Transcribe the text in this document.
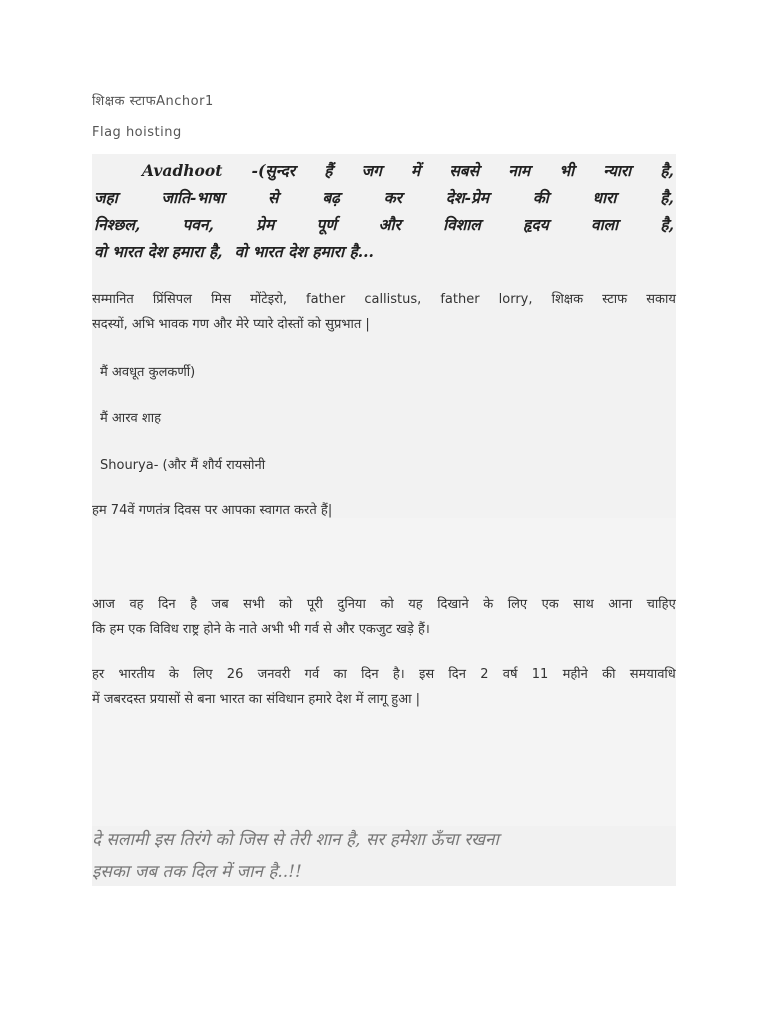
शिक्षक स्टाफAnchor1
Flag hoisting
Avadhoot -(सुन्दर हैं जग में सबसे नाम भी न्यारा है,
जहा	जाति-भाषा	से	बढ़	कर	देश-प्रेम	की	धारा	है,
निश्छल,	पवन,	प्रेम	पूर्ण	और	विशाल	हृदय	वाला	है,
वो भारत देश हमारा है, वो भारत देश हमारा है...
सम्मानित प्रिंसिपल मिस मोंटेइरो, father callistus, father lorry, शिक्षक स्टाफ सकाय
सदस्यों, अभि भावक गण और मेरे प्यारे दोस्तों को सुप्रभात |
मैं अवधूत कुलकर्णी)
मैं आरव शाह
Shourya- (और मैं शौर्य रायसोनी
हम 74वें गणतंत्र दिवस पर आपका स्वागत करते हैं|
आज वह दिन है जब सभी को पूरी दुनिया को यह दिखाने के लिए एक साथ आना चाहिए
कि हम एक विविध राष्ट्र होने के नाते अभी भी गर्व से और एकजुट खड़े हैं।
हर भारतीय के लिए 26 जनवरी गर्व का दिन है। इस दिन 2 वर्ष 11 महीने की समयावधि
में जबरदस्त प्रयासों से बना भारत का संविधान हमारे देश में लागू हुआ |
दे सलामी इस तिरंगे को जिस से तेरी शान है, सर हमेशा ऊँचा रखना
इसका जब तक दिल में जान है..!!
